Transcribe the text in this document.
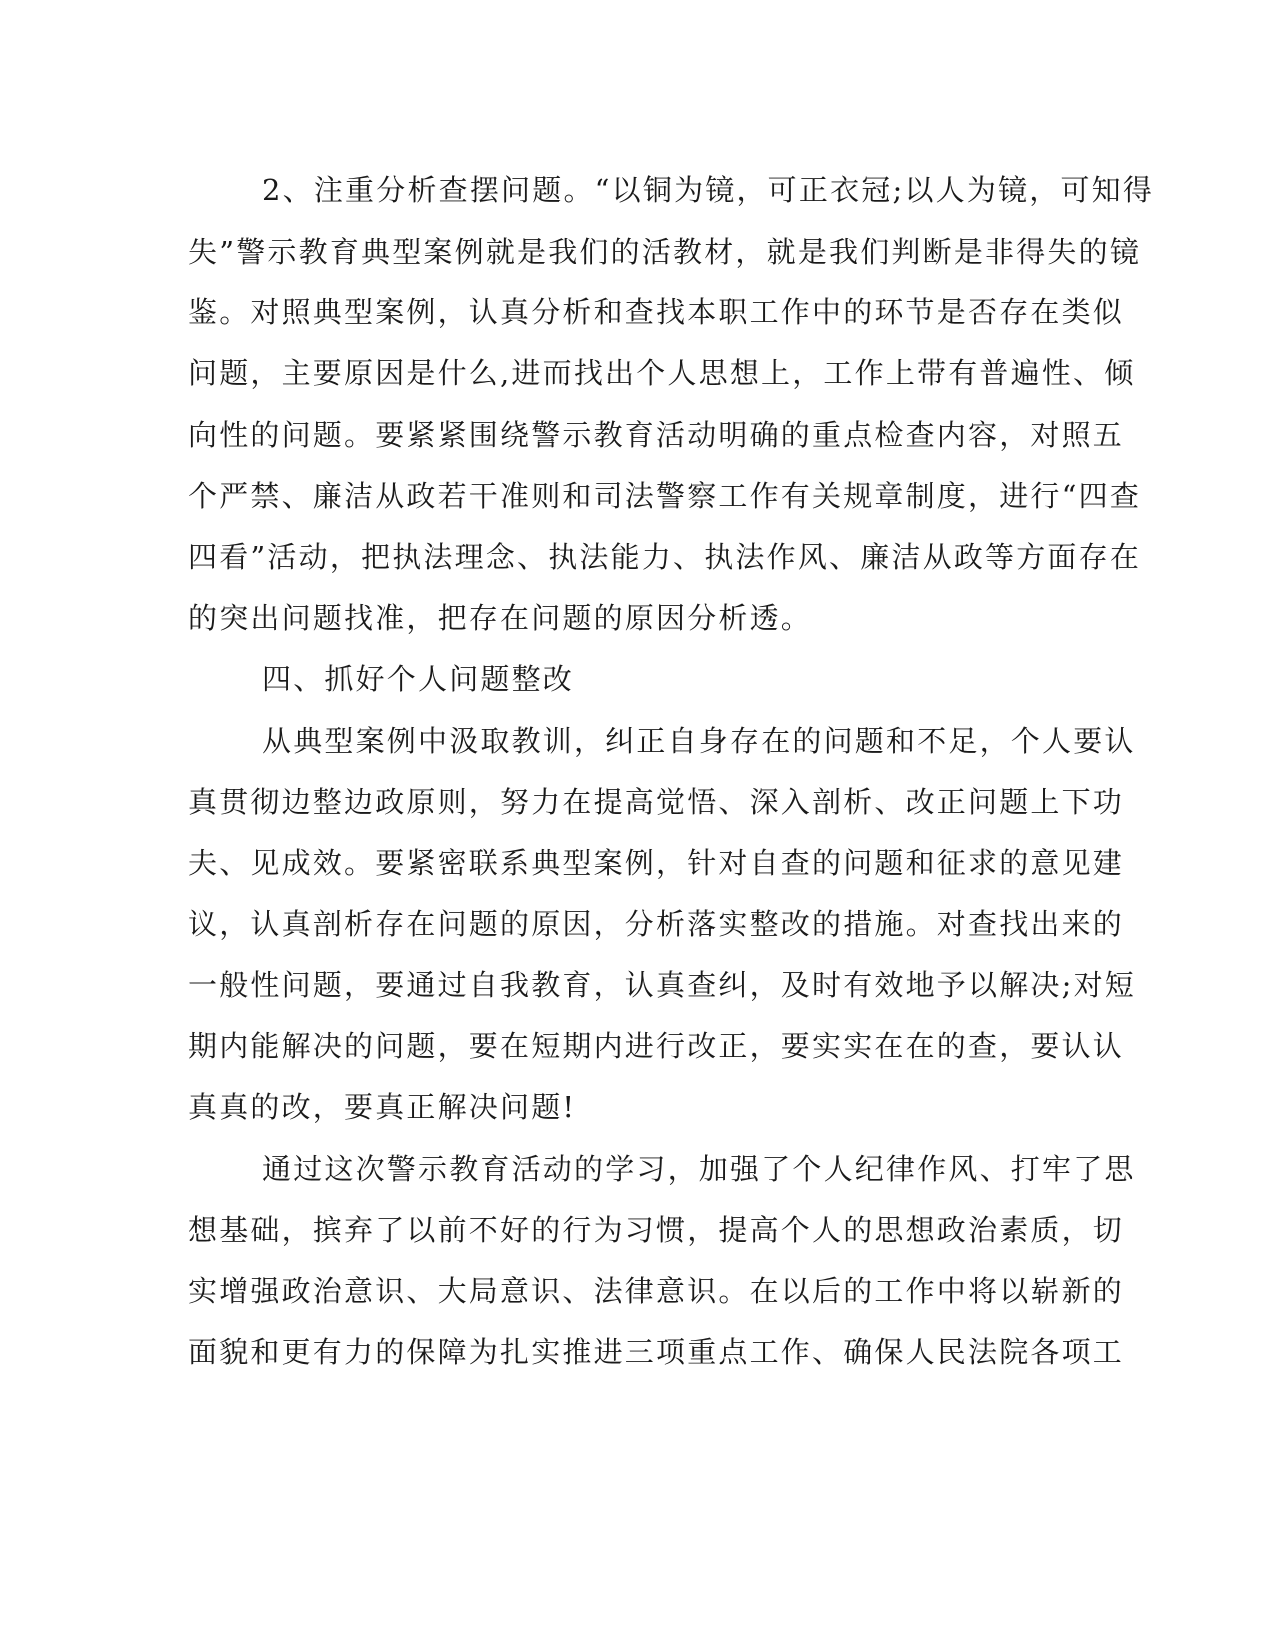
2、注重分析查摆问题。“以铜为镜，可正衣冠;以人为镜，可知得

失”警示教育典型案例就是我们的活教材，就是我们判断是非得失的镜

鉴。对照典型案例，认真分析和查找本职工作中的环节是否存在类似

问题，主要原因是什么,进而找出个人思想上，工作上带有普遍性、倾

向性的问题。要紧紧围绕警示教育活动明确的重点检查内容，对照五

个严禁、廉洁从政若干准则和司法警察工作有关规章制度，进行“四查

四看”活动，把执法理念、执法能力、执法作风、廉洁从政等方面存在

的突出问题找准，把存在问题的原因分析透。

四、抓好个人问题整改

从典型案例中汲取教训，纠正自身存在的问题和不足，个人要认

真贯彻边整边政原则，努力在提高觉悟、深入剖析、改正问题上下功

夫、见成效。要紧密联系典型案例，针对自查的问题和征求的意见建

议，认真剖析存在问题的原因，分析落实整改的措施。对查找出来的

一般性问题，要通过自我教育，认真查纠，及时有效地予以解决;对短

期内能解决的问题，要在短期内进行改正，要实实在在的查，要认认

真真的改，要真正解决问题!

通过这次警示教育活动的学习，加强了个人纪律作风、打牢了思

想基础，摈弃了以前不好的行为习惯，提高个人的思想政治素质，切

实增强政治意识、大局意识、法律意识。在以后的工作中将以崭新的

面貌和更有力的保障为扎实推进三项重点工作、确保人民法院各项工
